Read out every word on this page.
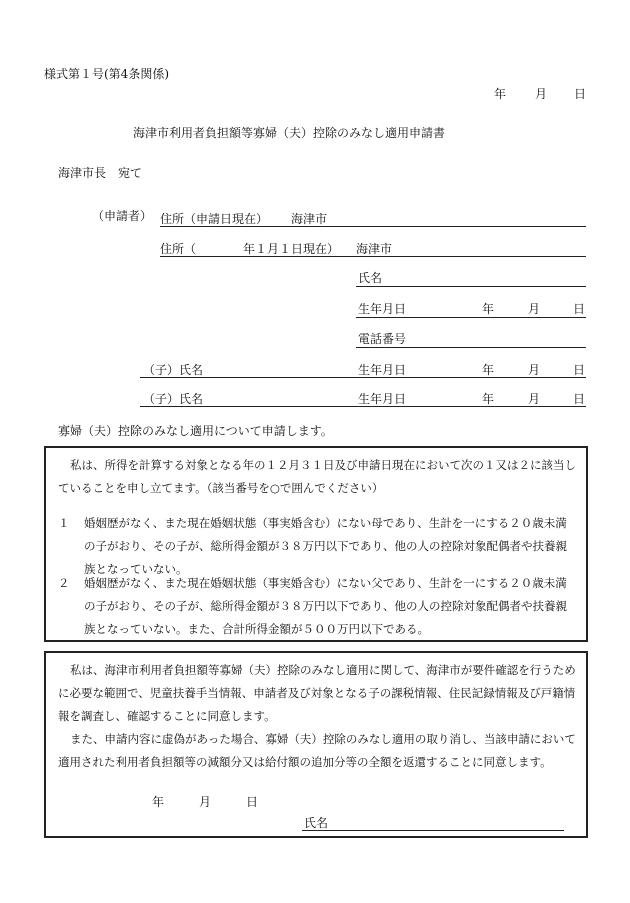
様式第１号(第4条関係)
年 月 日
海津市利用者負担額等寡婦（夫）控除のみなし適用申請書
海津市長　宛て
（申請者） 住所（申請日現在） 海津市
住所（	年１月１日現在） 海津市
氏名
生年月日	年	月	日
電話番号
（子）氏名	生年月日	年	月	日
（子）氏名	生年月日	年	月	日
寡婦（夫）控除のみなし適用について申請します。
私は、所得を計算する対象となる年の１２月３１日及び申請日現在において次の１又は２に該当していることを申し立てます。（該当番号を○で囲んでください）
１ 婚姻歴がなく、また現在婚姻状態（事実婚含む）にない母であり、生計を一にする２０歳未満の子がおり、その子が、総所得金額が３８万円以下であり、他の人の控除対象配偶者や扶養親族となっていない。
２ 婚姻歴がなく、また現在婚姻状態（事実婚含む）にない父であり、生計を一にする２０歳未満の子がおり、その子が、総所得金額が３８万円以下であり、他の人の控除対象配偶者や扶養親族となっていない。また、合計所得金額が５００万円以下である。
私は、海津市利用者負担額等寡婦（夫）控除のみなし適用に関して、海津市が要件確認を行うために必要な範囲で、児童扶養手当情報、申請者及び対象となる子の課税情報、住民記録情報及び戸籍情報を調査し、確認することに同意します。
また、申請内容に虚偽があった場合、寡婦（夫）控除のみなし適用の取り消し、当該申請において適用された利用者負担額等の減額分又は給付額の追加分等の全額を返還することに同意します。
年	月	日
氏名
